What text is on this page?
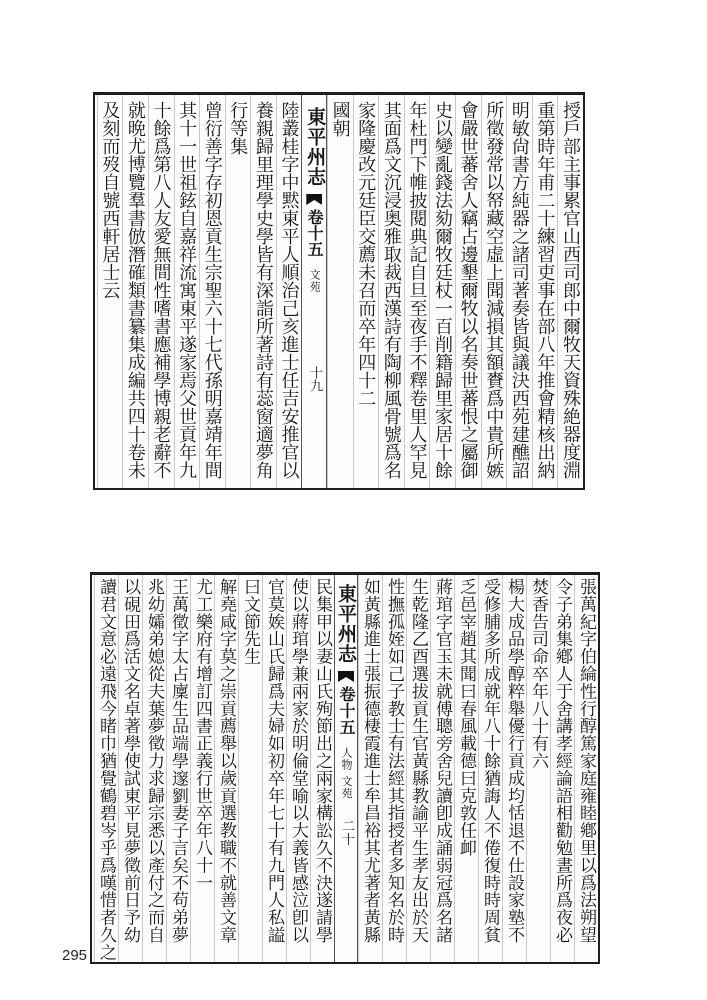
授戶部主事累官山西司郎中爾牧天資殊絶器度淵
重第時年甫二十練習吏事在部八年推會精核出納
明敏尙書方純器之諸司著奏皆與議決西苑建醮詔
所徵發常以帑藏空虛上聞減損其額賚爲中貴所嫉
會嚴世蕃舍人竊占邊墾爾牧以名奏世蕃恨之屬御
史以變亂錢法劾爾牧廷杖一百削籍歸里家居十餘
年杜門下帷披閱典記自旦至夜手不釋卷里人罕見
其面爲文沉浸奥雅取裁西漢詩有陶柳風骨號爲名
家隆慶改元廷臣交薦未召而卒年四十二
國朝
東平州志
卷十五
文苑
十九
陸叢桂字中黙東平人順治己亥進士任吉安推官以
養親歸里理學史學皆有深詣所著詩有蕊窗適夢角
行等集
曾衍善字存初恩貢生宗聖六十七代孫明嘉靖年間
其十一世祖鉉自嘉祥流寓東平遂家焉父世貢年九
十餘爲第八人友愛無間性嗜書應補學博親老辭不
就晩尤博覽羣書倣潛確類書纂集成編共四十卷未
及刻而歿自號西軒居士云
張萬紀字伯綸性行醇篤家庭雍睦鄕里以爲法朔望
令子弟集鄕人于舍講孝經論語相勸勉晝所爲夜必
焚香告司命卒年八十有六
楊大成品學醇粹舉優行貢成均恬退不仕設家塾不
受修脯多所成就年八十餘猶誨人不倦復時時周貧
乏邑宰趙其聞曰春風載德曰克敦任卹
蔣琯字官玉未就傅聰旁舍兒讀卽成誦弱冠爲名諸
生乾隆乙酉選拔貢生官黃縣教諭平生孝友出於天
性撫孤姪如己子教士有法經其指授者多知名於時
如黃縣進士張振德棲霞進士牟昌裕其尤著者黃縣
東平州志
卷十五
人物 文苑
二十
民集甲以妻山氏殉節出之兩家構訟久不決遂請學
使以蔣琯學兼兩家於明倫堂喻以大義皆感泣卽以
官莫娭山氏歸爲夫婦如初卒年七十有九門人私謚
曰文節先生
解堯咸字莫之崇貢薦舉以歲貢選教職不就善文章
尤工樂府有增訂四書正義行世卒年八十一
王萬徵字太占廩生品端學邃劉妻子言矣不苟弟夢
兆幼孀弟媳從夫葉夢徵力求歸宗悉以產付之而自
以硯田爲活文名卓著學使試東平見夢徵前日予幼
讀君文意必遠飛今睹巾猶覺鶴碧岑乎爲嘆惜者久之
295
